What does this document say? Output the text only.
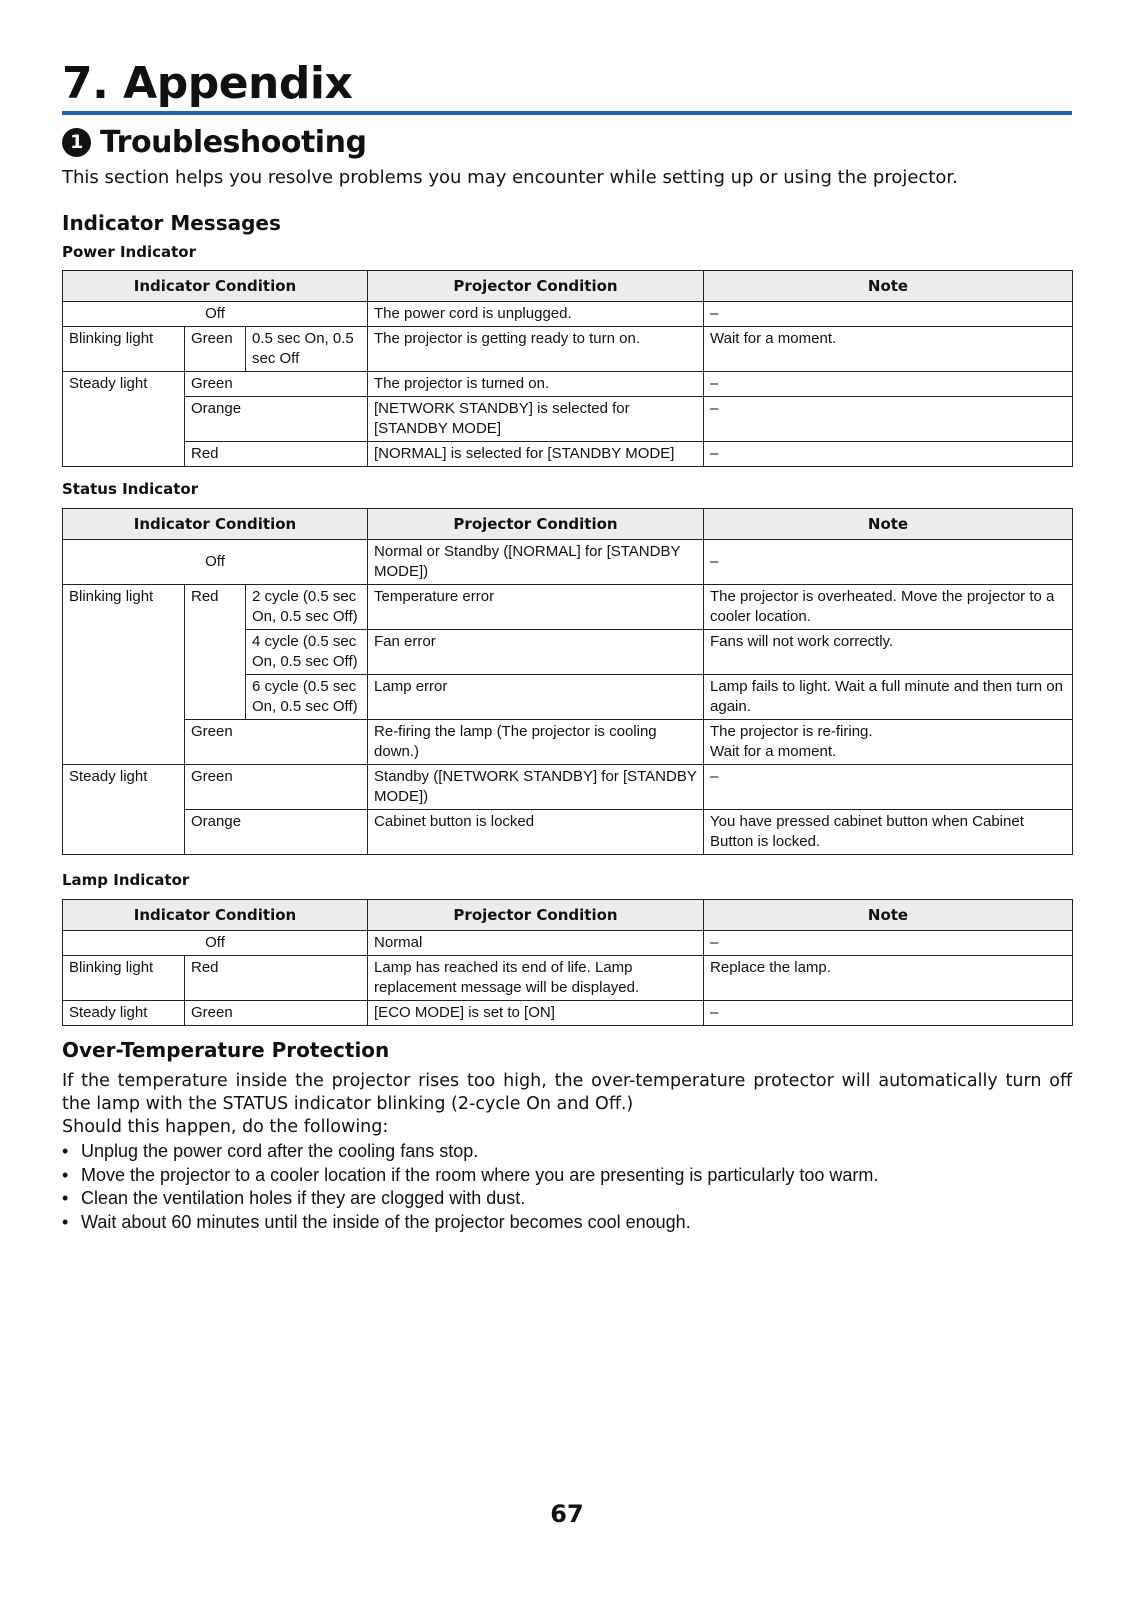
7. Appendix
1 Troubleshooting

This section helps you resolve problems you may encounter while setting up or using the projector.

Indicator Messages
Power Indicator
Indicator Condition			Projector Condition	Note
Off			The power cord is unplugged.	–
Blinking light	Green	0.5 sec On, 0.5 sec Off	The projector is getting ready to turn on.	Wait for a moment.
Steady light	Green		The projector is turned on.	–
	Orange		[NETWORK STANDBY] is selected for [STANDBY MODE]	–
	Red		[NORMAL] is selected for [STANDBY MODE]	–
Status Indicator
Indicator Condition			Projector Condition	Note
Off			Normal or Standby ([NORMAL] for [STANDBY MODE])	–
Blinking light	Red	2 cycle (0.5 sec On, 0.5 sec Off)	Temperature error	The projector is overheated. Move the projector to a cooler location.
		4 cycle (0.5 sec On, 0.5 sec Off)	Fan error	Fans will not work correctly.
		6 cycle (0.5 sec On, 0.5 sec Off)	Lamp error	Lamp fails to light. Wait a full minute and then turn on again.
	Green		Re-firing the lamp (The projector is cooling down.)	The projector is re-firing.
Wait for a moment.

Steady light	Green		Standby ([NETWORK STANDBY] for [STANDBY MODE])	–
	Orange		Cabinet button is locked	You have pressed cabinet button when Cabinet Button is locked.
Lamp Indicator
Indicator Condition		Projector Condition	Note
Off		Normal	–
Blinking light	Red	Lamp has reached its end of life. Lamp replacement message will be displayed.	Replace the lamp.
Steady light	Green	[ECO MODE] is set to [ON]	–
Over-Temperature Protection
If the temperature inside the projector rises too high, the over-temperature protector will automatically turn off the lamp with the STATUS indicator blinking (2-cycle On and Off.)
Should this happen, do the following:
• Unplug the power cord after the cooling fans stop.
• Move the projector to a cooler location if the room where you are presenting is particularly too warm.
• Clean the ventilation holes if they are clogged with dust.
• Wait about 60 minutes until the inside of the projector becomes cool enough.
67
